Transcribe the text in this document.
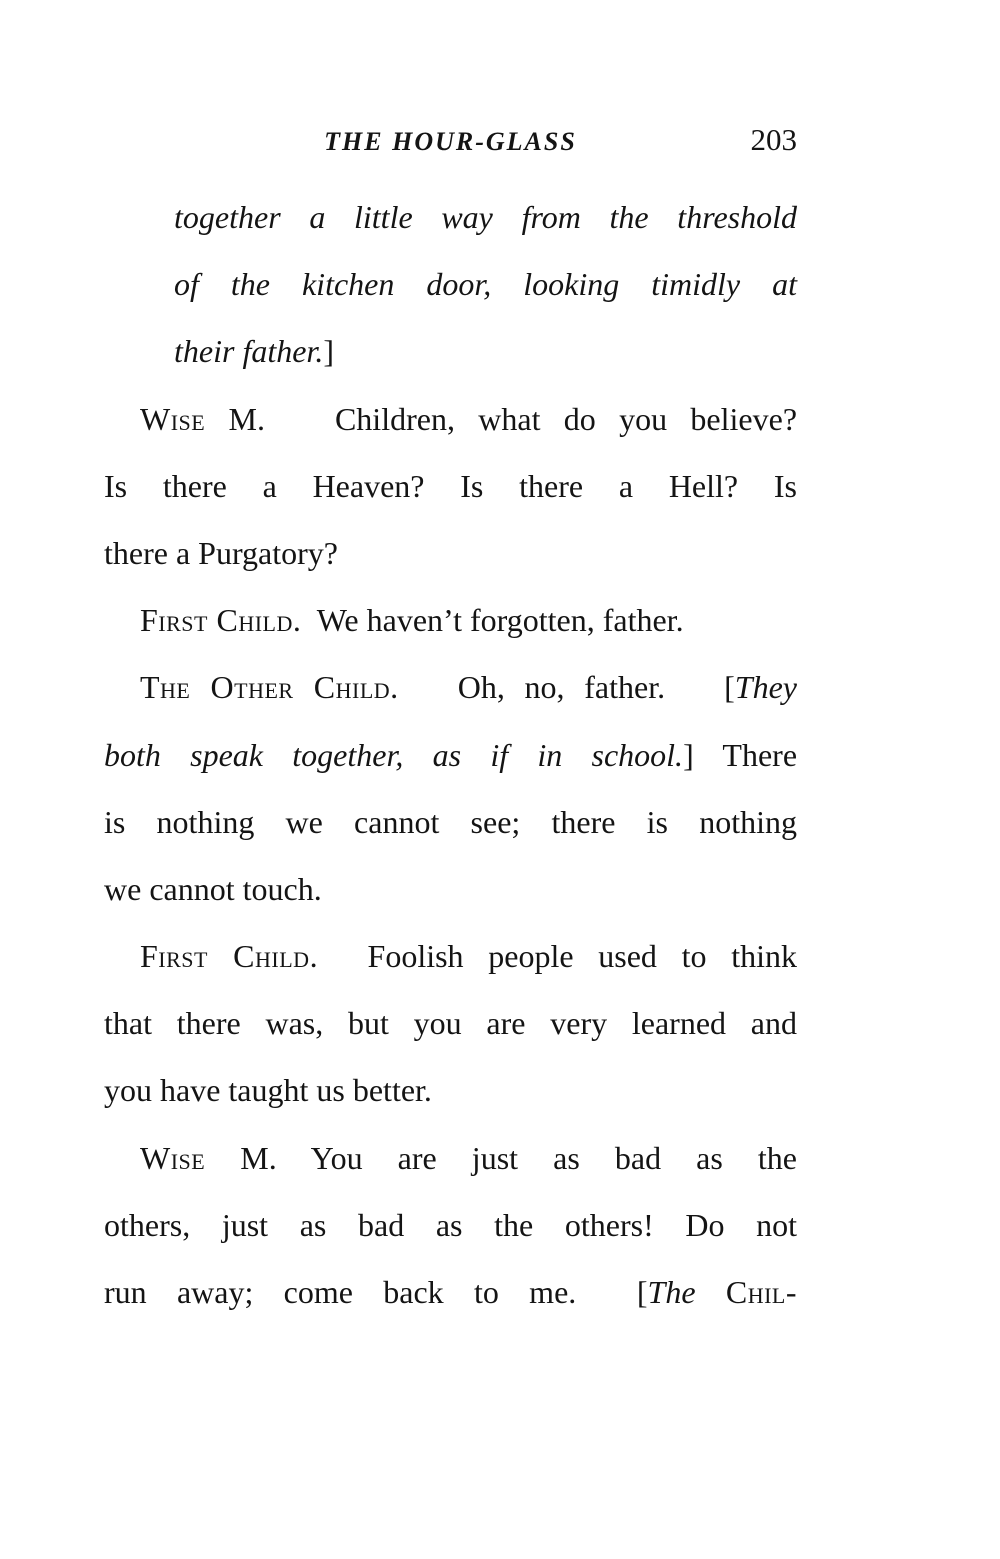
THE HOUR-GLASS	203
together a little way from the threshold
of the kitchen door, looking timidly at
their father.]
Wise M. Children, what do you believe?
Is there a Heaven? Is there a Hell? Is
there a Purgatory?
First Child. We haven’t forgotten, father.
The Other Child. Oh, no, father. [They
both speak together, as if in school.] There
is nothing we cannot see; there is nothing
we cannot touch.
First Child. Foolish people used to think
that there was, but you are very learned and
you have taught us better.
Wise M. You are just as bad as the
others, just as bad as the others! Do not
run away; come back to me. [The Chil-
